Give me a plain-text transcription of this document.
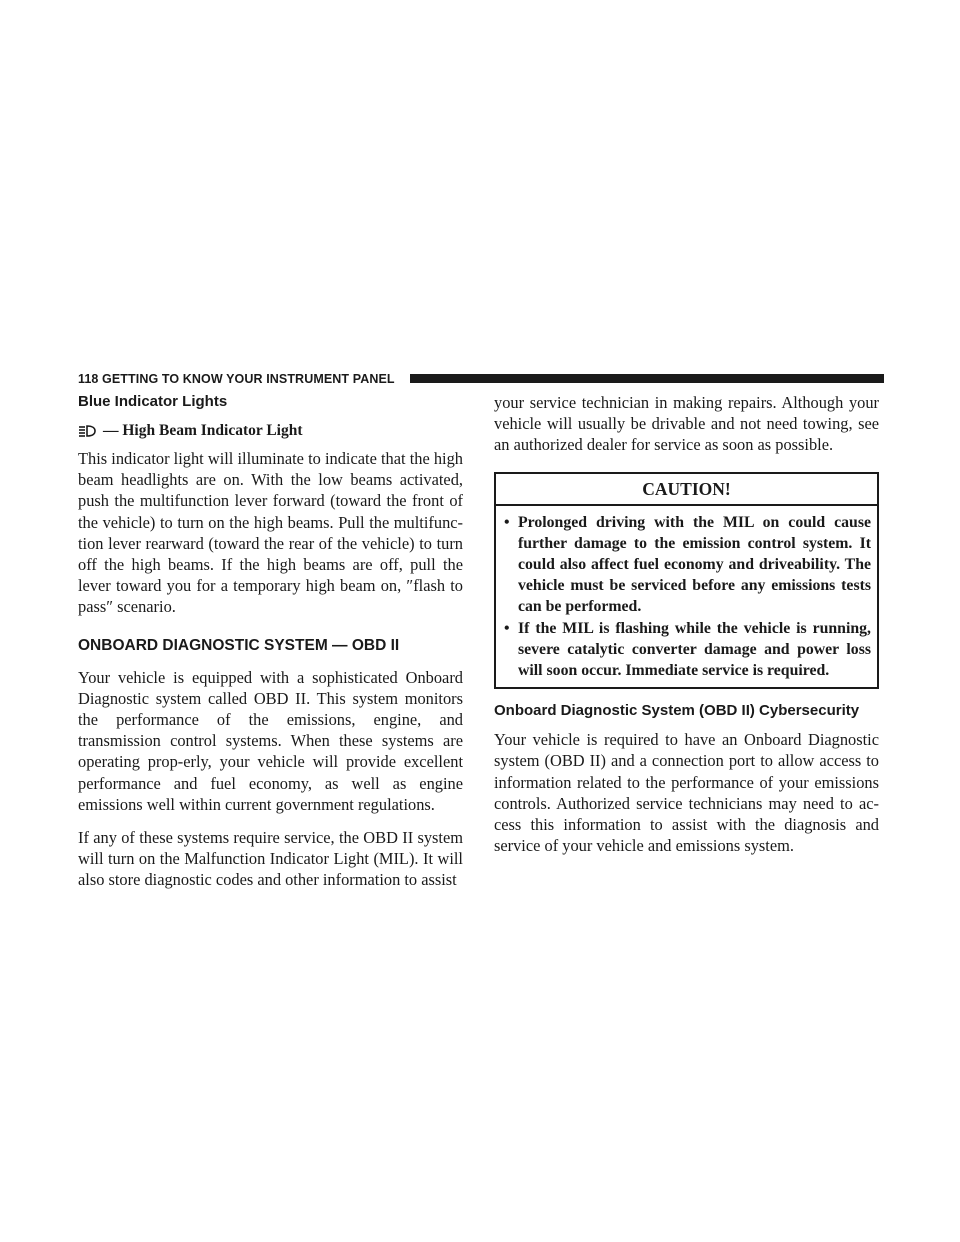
118 GETTING TO KNOW YOUR INSTRUMENT PANEL
Blue Indicator Lights
— High Beam Indicator Light

This indicator light will illuminate to indicate that the high beam headlights are on. With the low beams activated, push the multifunction lever forward (toward the front of the vehicle) to turn on the high beams. Pull the multifunc-tion lever rearward (toward the rear of the vehicle) to turn off the high beams. If the high beams are off, pull the lever toward you for a temporary high beam on, ″flash to pass″ scenario.

ONBOARD DIAGNOSTIC SYSTEM — OBD II

Your vehicle is equipped with a sophisticated Onboard Diagnostic system called OBD II. This system monitors the performance of the emissions, engine, and transmission control systems. When these systems are operating prop-erly, your vehicle will provide excellent performance and fuel economy, as well as engine emissions well within current government regulations.

If any of these systems require service, the OBD II system will turn on the Malfunction Indicator Light (MIL). It will also store diagnostic codes and other information to assist

your service technician in making repairs. Although your vehicle will usually be drivable and not need towing, see an authorized dealer for service as soon as possible.

CAUTION!
• Prolonged driving with the MIL on could cause further damage to the emission control system. It could also affect fuel economy and driveability. The vehicle must be serviced before any emissions tests can be performed.
• If the MIL is flashing while the vehicle is running, severe catalytic converter damage and power loss will soon occur. Immediate service is required.
Onboard Diagnostic System (OBD II) Cybersecurity

Your vehicle is required to have an Onboard Diagnostic system (OBD II) and a connection port to allow access to information related to the performance of your emissions controls. Authorized service technicians may need to ac-cess this information to assist with the diagnosis and service of your vehicle and emissions system.
